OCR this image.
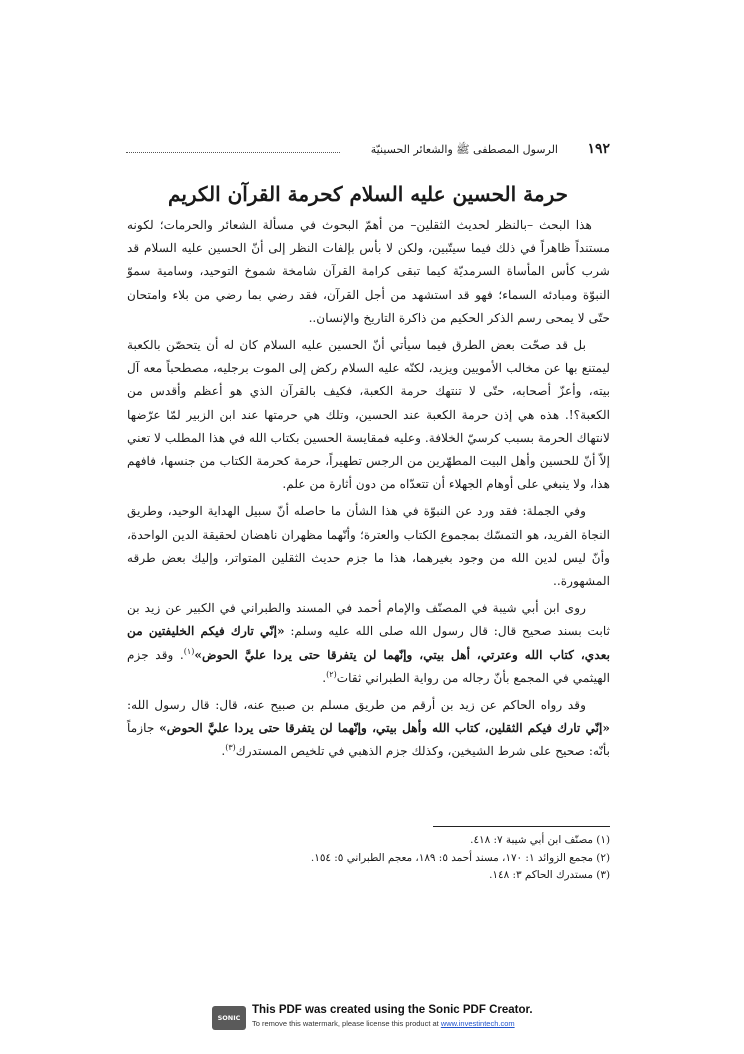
١٩٢
الرسول المصطفى ﷺ والشعائر الحسينيّة
حرمة الحسين عليه السلام كحرمة القرآن الكريم

هذا البحث –بالنظر لحديث الثقلين– من أهمّ البحوث في مسألة الشعائر والحرمات؛ لكونه مستنداً ظاهراً في ذلك فيما سيتّبين، ولكن لا بأس بإلفات النظر إلى أنّ الحسين عليه السلام قد شرب كأس المأساة السرمديّة كيما تبقى كرامة القرآن شامخة شموخ التوحيد، وسامية سموّ النبوّة ومبادئه السماء؛ فهو قد استشهد من أجل القرآن، فقد رضي بما رضي من بلاء وامتحان حتّى لا يمحى رسم الذكر الحكيم من ذاكرة التاريخ والإنسان..

بل قد صحّت بعض الطرق فيما سيأتي أنّ الحسين عليه السلام كان له أن يتحصّن بالكعبة ليمتنع بها عن مخالب الأمويين ويزيد، لكنّه عليه السلام ركض إلى الموت برجليه، مصطحباً معه آل بيته، وأعزّ أصحابه، حتّى لا تنتهك حرمة الكعبة، فكيف بالقرآن الذي هو أعظم وأقدس من الكعبة؟!. هذه هي إذن حرمة الكعبة عند الحسين، وتلك هي حرمتها عند ابن الزبير لمّا عرّضها لانتهاك الحرمة بسبب كرسيّ الخلافة. وعليه فمقايسة الحسين بكتاب الله في هذا المطلب لا تعني إلاّ أنّ للحسين وأهل البيت المطهّرين من الرجس تطهيراً، حرمة كحرمة الكتاب من جنسها، فافهم هذا، ولا ينبغي على أوهام الجهلاء أن تتعدّاه من دون أثارة من علم.

وفي الجملة: فقد ورد عن النبوّة في هذا الشأن ما حاصله أنّ سبيل الهداية الوحيد، وطريق النجاة الفريد، هو التمسّك بمجموع الكتاب والعترة؛ وأنّهما مظهران ناهضان لحقيقة الدين الواحدة، وأنّ ليس لدين الله من وجود بغيرهما، هذا ما جزم حديث الثقلين المتواتر، وإليك بعض طرقه المشهورة..

روى ابن أبي شيبة في المصنّف والإمام أحمد في المسند والطبراني في الكبير عن زيد بن ثابت بسند صحيح قال: قال رسول الله صلى الله عليه وسلم: «إنّي تارك فيكم الخليفتين من بعدي، كتاب الله وعترتي، أهل بيتي، وإنّهما لن يتفرقا حتى يردا عليَّ الحوض»$^{(١)}$. وقد جزم الهيثمي في المجمع بأنّ رجاله من رواية الطبراني ثقات$^{(٢)}$.

وقد رواه الحاكم عن زيد بن أرقم من طريق مسلم بن صبيح عنه، قال: قال رسول الله: «إنّي تارك فيكم الثقلين، كتاب الله وأهل بيتي، وإنّهما لن يتفرقا حتى يردا عليَّ الحوض» جازماً بأنّه: صحيح على شرط الشيخين، وكذلك جزم الذهبي في تلخيص المستدرك$^{(٣)}$.

(١) مصنّف ابن أبي شيبة ٧: ٤١٨.
(٢) مجمع الزوائد ١: ١٧٠، مسند أحمد ٥: ١٨٩، معجم الطبراني ٥: ١٥٤.
(٣) مستدرك الحاكم ٣: ١٤٨.
SONIC PDF
This PDF was created using the Sonic PDF Creator.
To remove this watermark, please license this product at www.investintech.com
